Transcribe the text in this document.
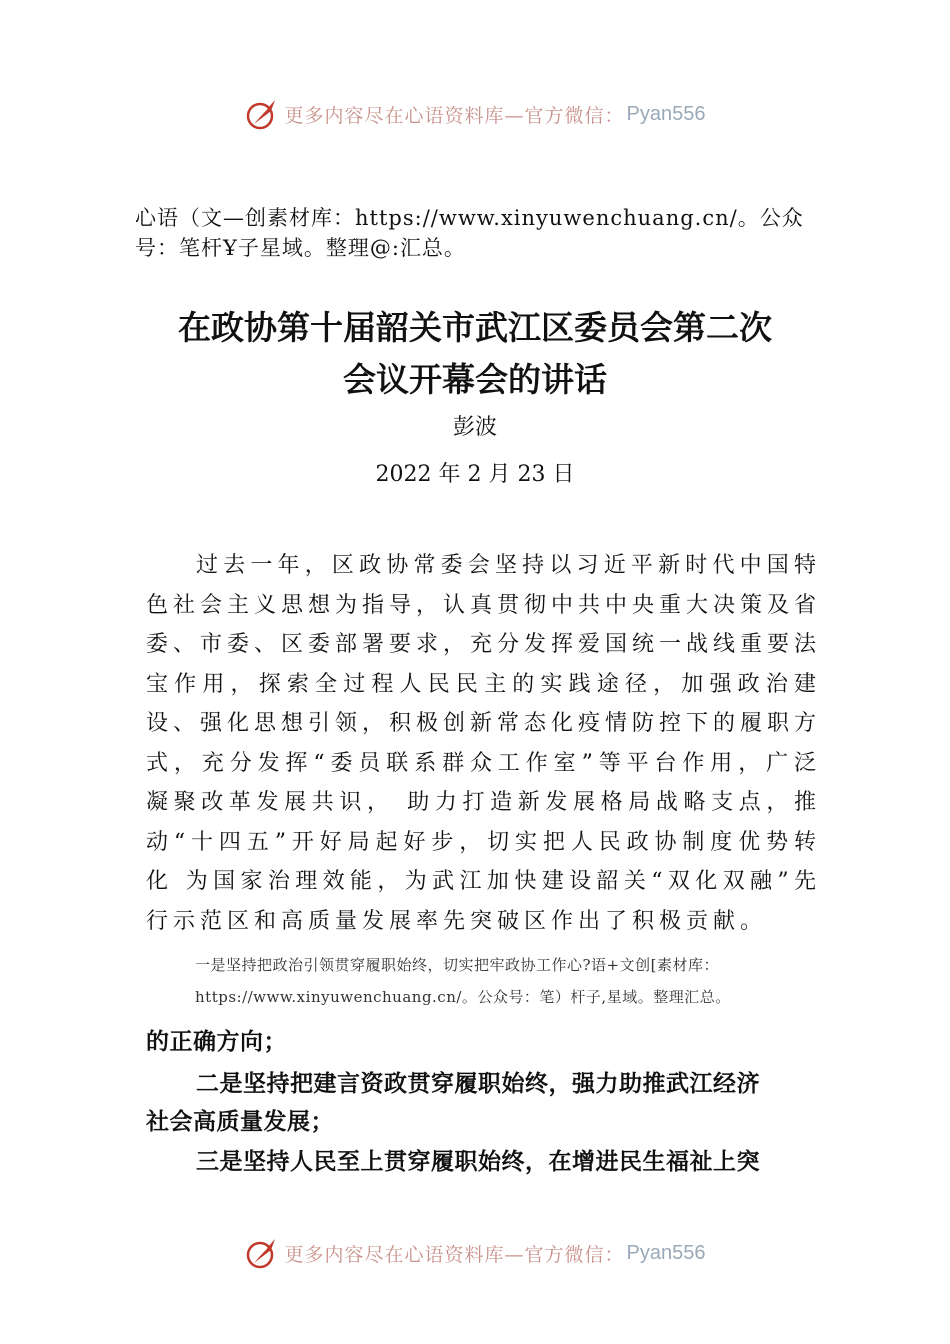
更多内容尽在心语资料库—官方微信： Pyan556
心语（文—创素材库：https://www.xinyuwenchuang.cn/。公众号：笔杆Ұ子星域。整理@:汇总。
在政协第十届韶关市武江区委员会第二次
会议开幕会的讲话
彭波
2022 年 2 月 23 日
过去一年，区政协常委会坚持以习近平新时代中国特色社会主义思想为指导，认真贯彻中共中央重大决策及省委、市委、区委部署要求，充分发挥爱国统一战线重要法宝作用，探索全过程人民民主的实践途径，加强政治建设、强化思想引领，积极创新常态化疫情防控下的履职方式，充分发挥“委员联系群众工作室”等平台作用，广泛凝聚改革发展共识， 助力打造新发展格局战略支点，推动“十四五”开好局起好步，切实把人民政协制度优势转化 为国家治理效能，为武江加快建设韶关“双化双融”先行示范区和高质量发展率先突破区作出了积极贡献。
一是坚持把政治引领贯穿履职始终，切实把牢政协工作心?语+文创[素材库：
https://www.xinyuwenchuang.cn/。公众号：笔）杆子,星域。整理汇总。
的正确方向；
二是坚持把建言资政贯穿履职始终，强力助推武江经济
社会高质量发展；
三是坚持人民至上贯穿履职始终，在增进民生福祉上突
更多内容尽在心语资料库—官方微信： Pyan556
